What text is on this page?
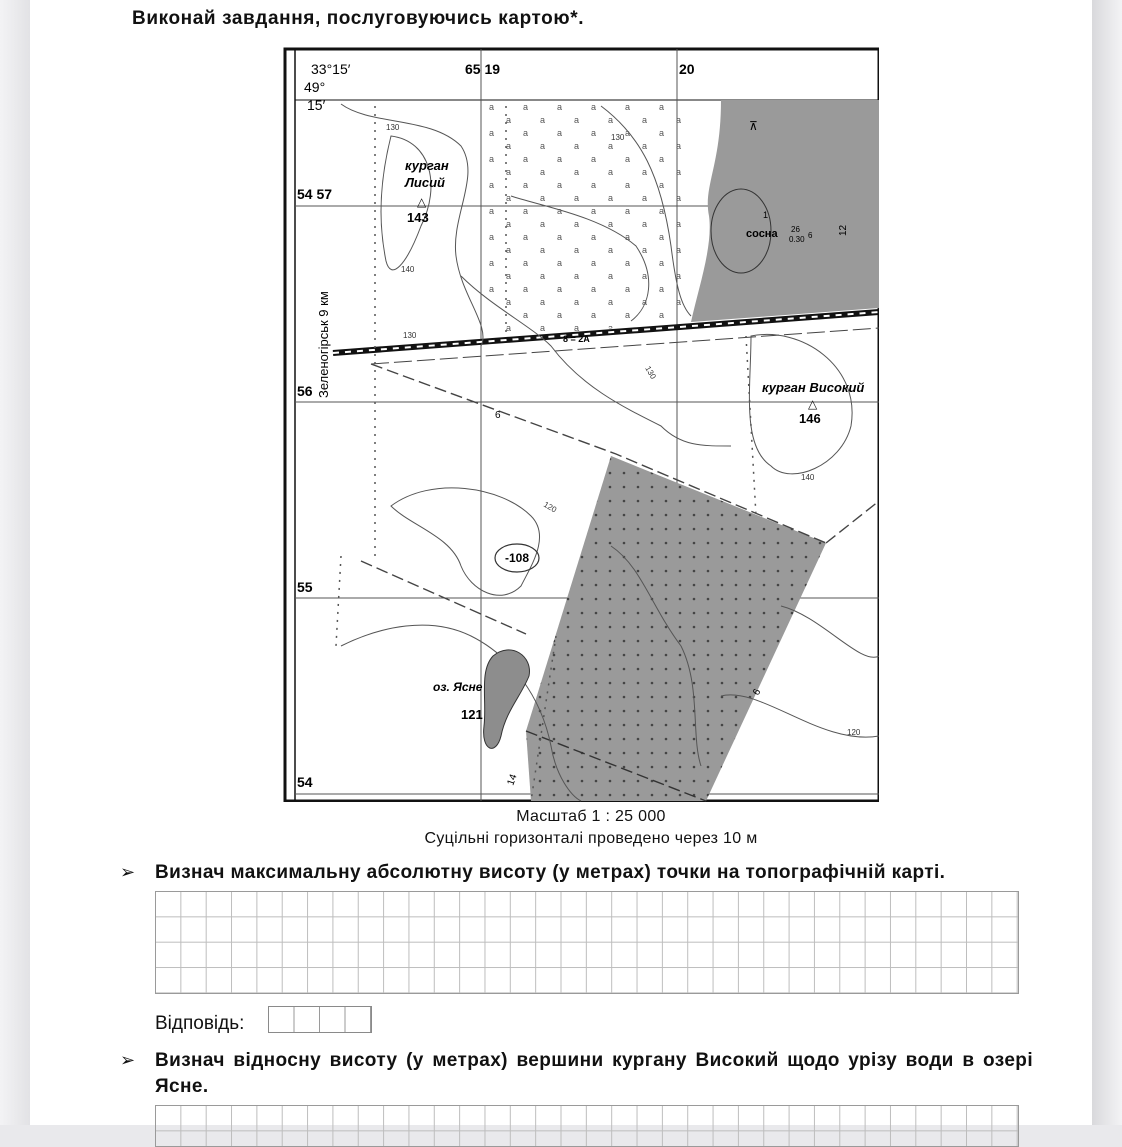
Виконай завдання, послуговуючись картою*.
△
△
33°15′
49°
15′
65 19	20
54 57
56
55
54
Зеленогірськ 9 км	8 = 2А
курган
Лисий
143
курган Високий
146
оз. Ясне
121
-108
сосна 26
0.30 6
130
130
140
130
130
140
120
120
12
6
6
14
1
⊼
Масштаб 1 : 25 000
Суцільні горизонталі проведено через 10 м
➢ Визнач максимальну абсолютну висоту (у метрах) точки на топографічній карті.
Відповідь:
➢ Визнач відносну висоту (у метрах) вершини кургану Високий щодо урізу води в озері Ясне.
